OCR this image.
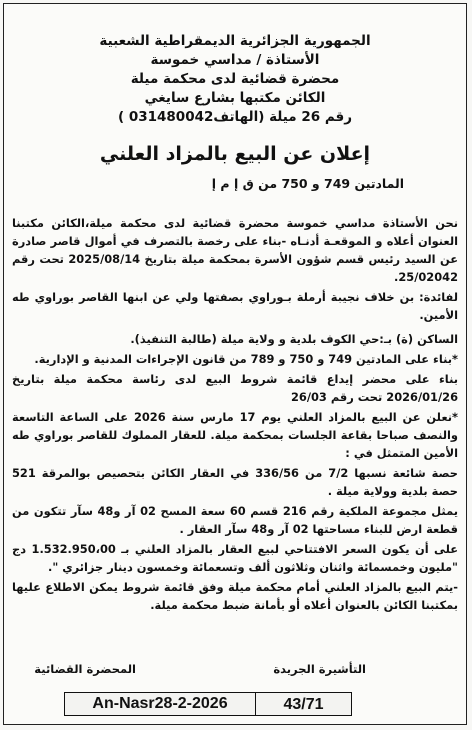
الجمهورية الجزائرية الديمقراطية الشعبية
الأستاذة / مداسي خموسة
محضرة قضائية لدى محكمة ميلة
الكائن مكتبها بشارع سايغي
رقم 26 ميلة (الهاتف031480042 )
إعلان عن البيع بالمزاد العلني
المادتين 749 و 750 من ق إ م إ

نحن الأستاذة مداسي خموسة محضرة قضائية لدى محكمة ميلة،الكائن مكتبنا العنوان أعلاه و الموقعـة أدنـاه -بناء على رخصة بالتصرف في أموال قاصر صادرة عن السيد رئيس قسم شؤون الأسرة بمحكمة ميلة بتاريخ 2025/08/14 تحت رقم 25/02042.

لفائدة: بن خلاف نجيبة أرملة بـوراوي بصفتها ولي عن ابنها القاصر بوراوي طه الأمين.

الساكن (ة) بـ:حي الكوف بلدية و ولاية ميلة (طالبة التنفيذ).

*بناء على المادتين 749 و 750 و 789 من قانون الإجراءات المدنية و الإدارية.

بناء على محضر إيداع قائمة شروط البيع لدى رئاسة محكمة ميلة بتاريخ 2026/01/26 تحت رقم 26/03

*نعلن عن البيع بالمزاد العلني يوم 17 مارس سنة 2026 على الساعة التاسعة والنصف صباحا بقاعة الجلسات بمحكمة ميلة. للعقار المملوك للقاصر بوراوي طه الأمين المتمثل في :

حصة شائعة نسبها 7/2 من 336/56 في العقار الكائن بتحصيص بوالمرقة 521 حصة بلدية وولاية ميلة .

يمثل مجموعة الملكية رقم 216 قسم 60 سعة المسح 02 آر و48 سآر تتكون من قطعة ارض للبناء مساحتها 02 آر و48 سآر العقار .

على أن يكون السعر الافتتاحي لبيع العقار بالمزاد العلني بـ 1.532.950،00 دج "مليون وخمسمائة واثنان وثلاثون ألف وتسعمائة وخمسون دينار جزائري ".

-يتم البيع بالمزاد العلني أمام محكمة ميلة وفق قائمة شروط يمكن الاطلاع عليها بمكتبنا الكائن بالعنوان أعلاه أو بأمانة ضبط محكمة ميلة.

المحضرة القضائية	التأشيرة الجريدة
An-Nasr28-2-2026	43/71
